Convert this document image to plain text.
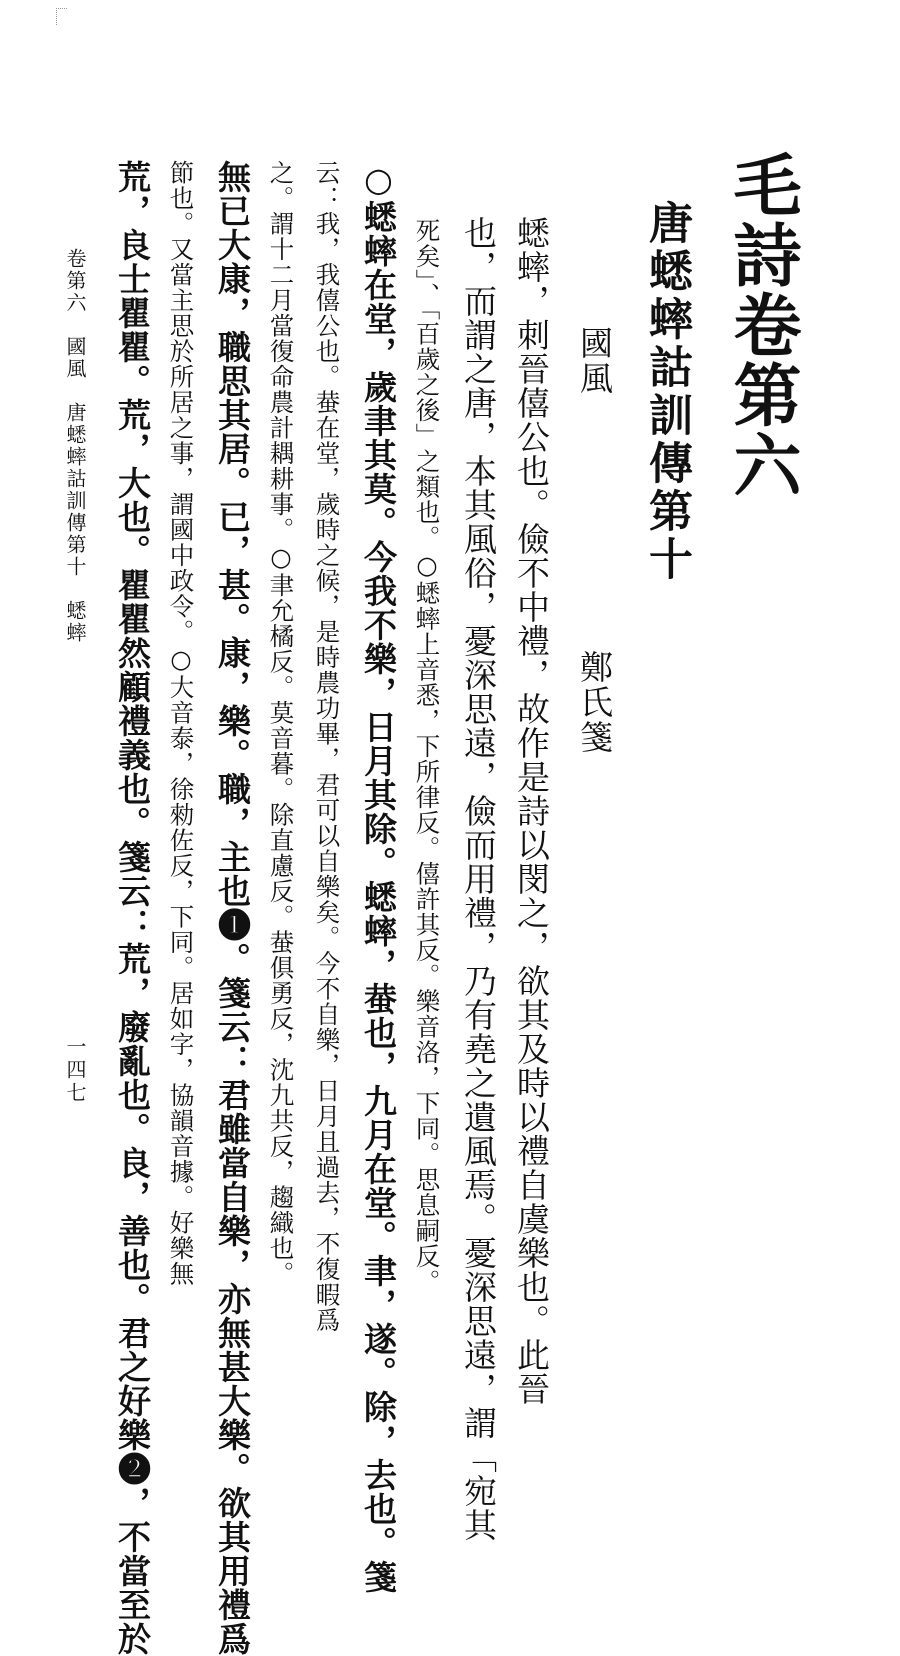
毛詩卷第六
唐蟋蟀詁訓傳第十
國風
鄭氏箋
蟋蟀，刺晉僖公也。儉不中禮，故作是詩以閔之，欲其及時以禮自虞樂也。此晉
也，而謂之唐，本其風俗，憂深思遠，儉而用禮，乃有堯之遺風焉。憂深思遠，謂「宛其
死矣」、「百歲之後」之類也。○蟋蟀上音悉，下所律反。僖許其反。樂音洛，下同。思息嗣反。
○蟋蟀在堂，歲聿其莫。今我不樂，日月其除。蟋蟀，蛬也，九月在堂。聿，遂。除，去也。箋
云：我，我僖公也。蛬在堂，歲時之候，是時農功畢，君可以自樂矣。今不自樂，日月且過去，不復暇爲
之。謂十二月當復命農計耦耕事。○聿允橘反。莫音暮。除直慮反。蛬俱勇反，沈九共反，趨織也。
無已大康，職思其居。已，甚。康，樂。職，主也❶。箋云：君雖當自樂，亦無甚大樂。欲其用禮爲
節也。又當主思於所居之事，謂國中政令。○大音泰，徐勑佐反，下同。居如字，協韻音據。好樂無
荒，良士瞿瞿。荒，大也。瞿瞿然顧禮義也。箋云：荒，廢亂也。良，善也。君之好樂❷，不當至於
卷第六　國風　唐蟋蟀詁訓傳第十　蟋蟀
一四七
